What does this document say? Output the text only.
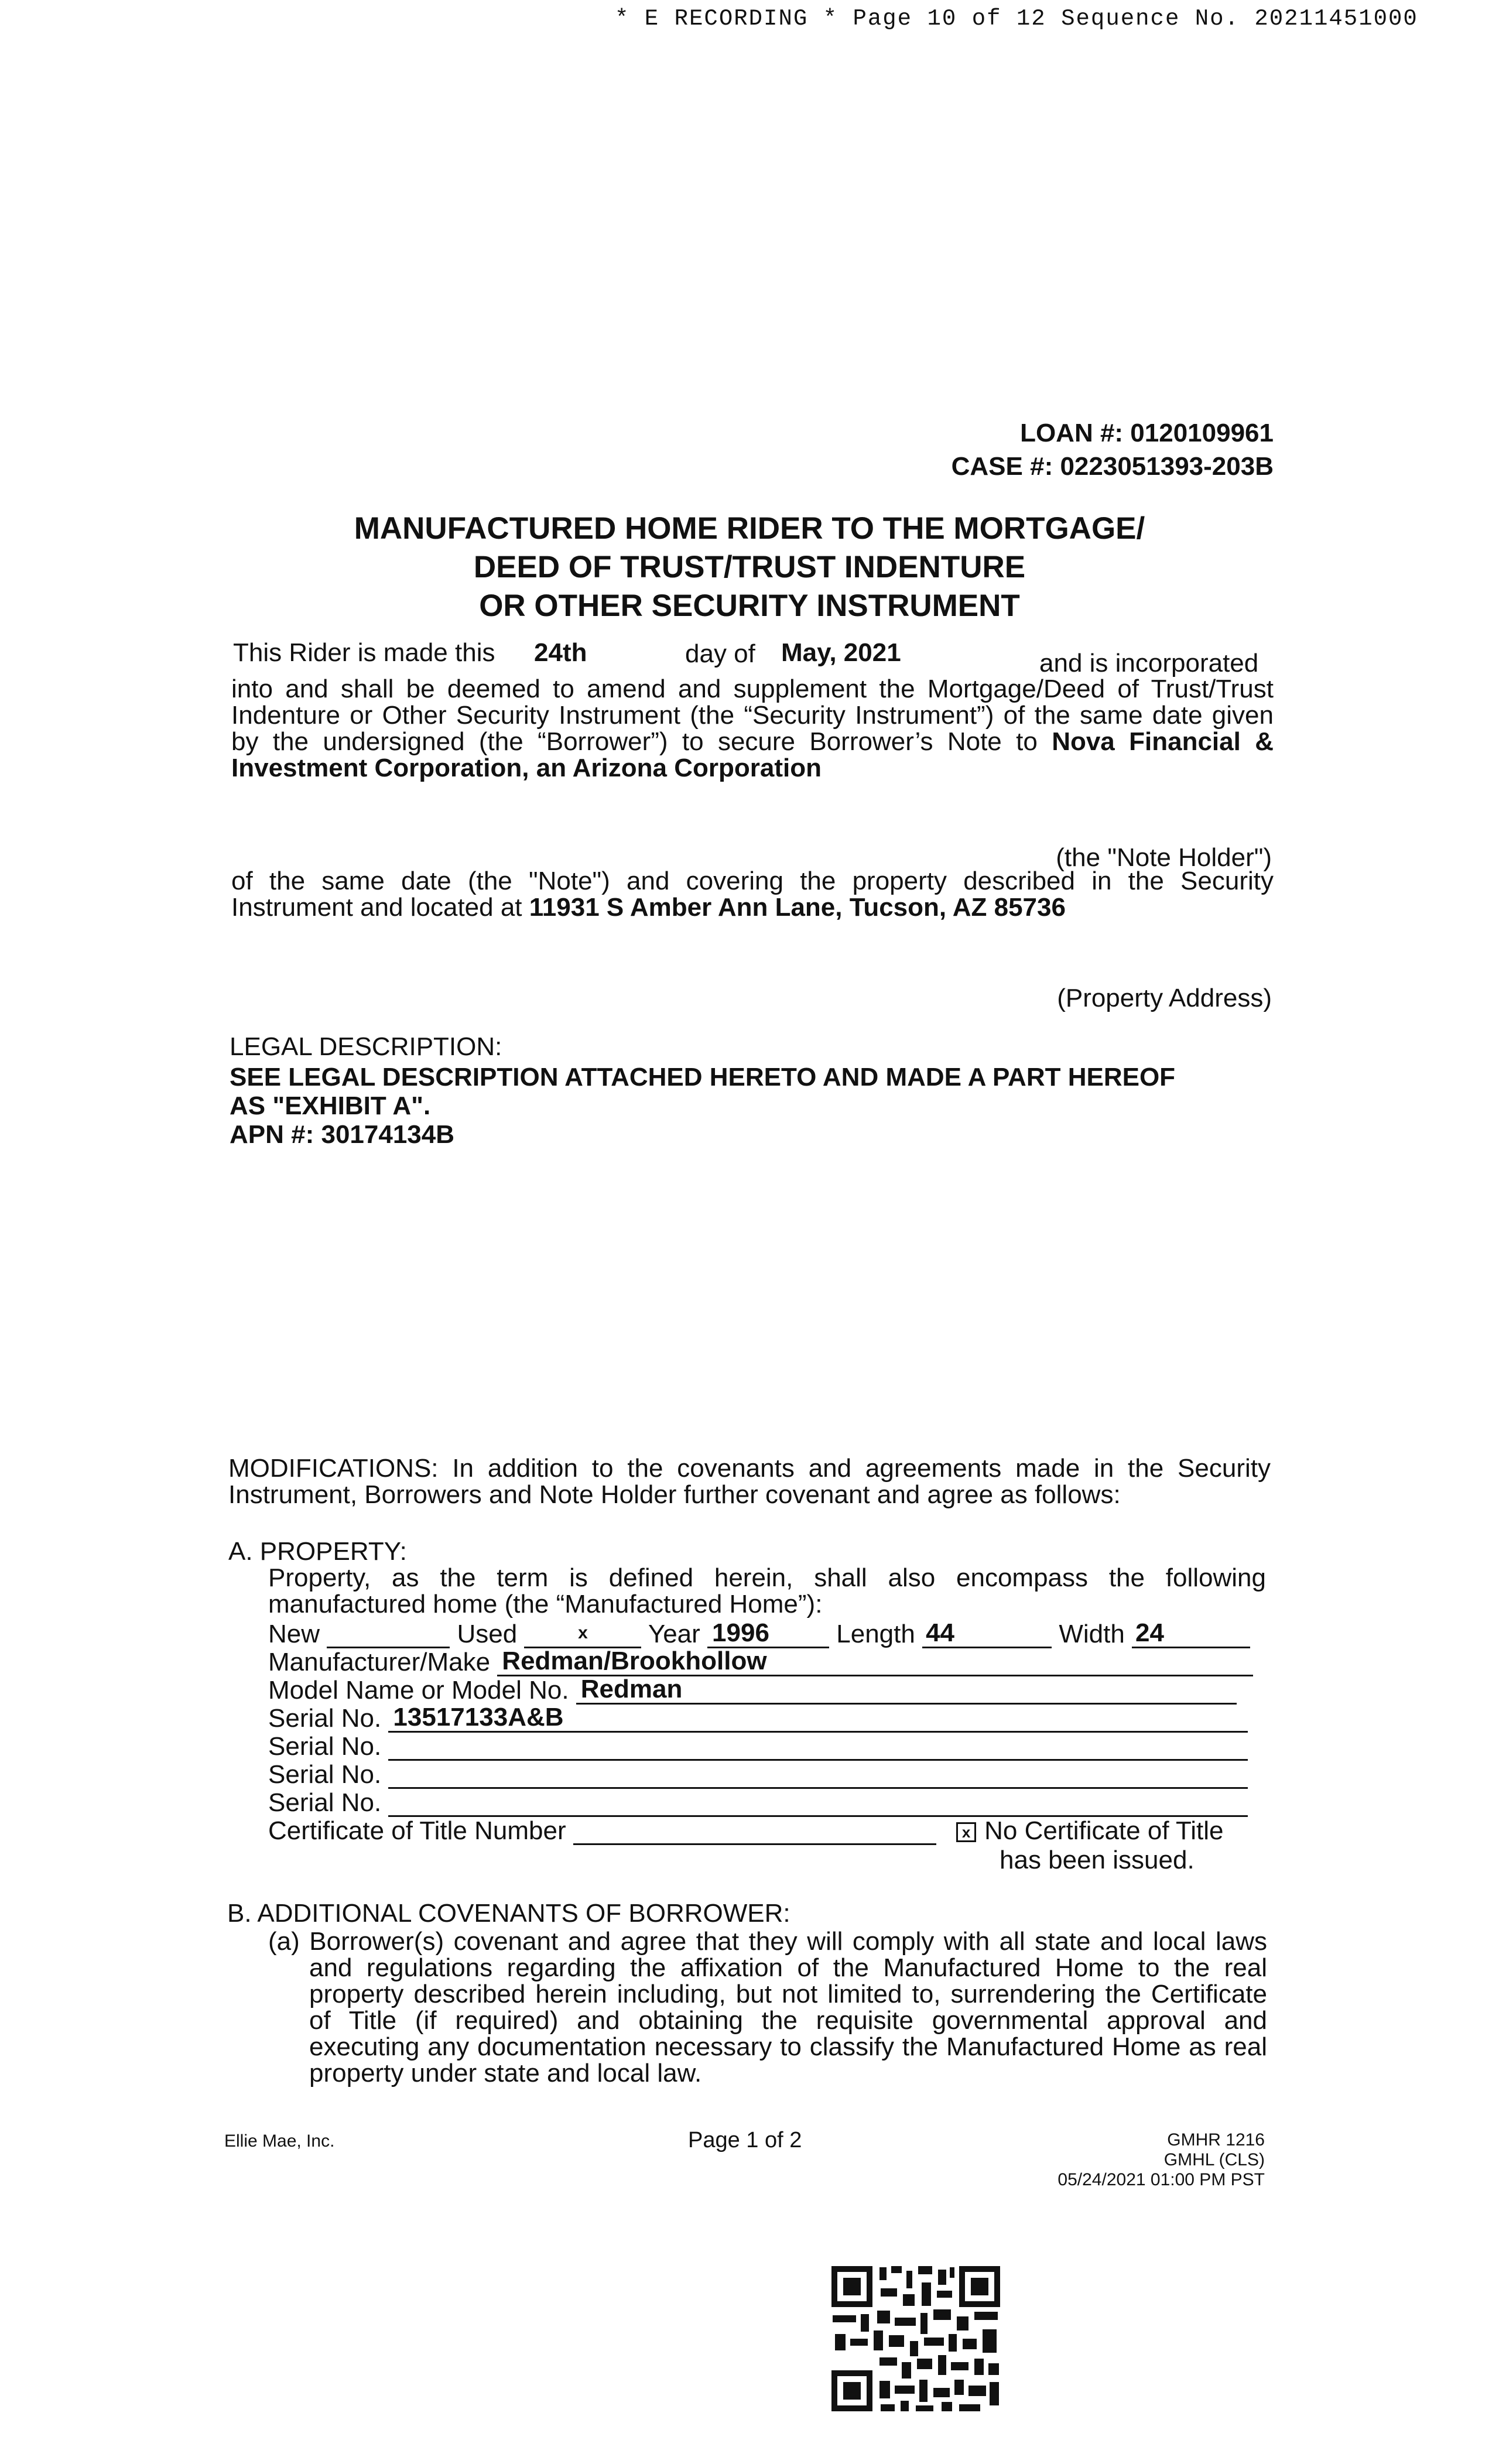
* E RECORDING * Page 10 of 12 Sequence No. 20211451000
LOAN #: 0120109961
CASE #: 0223051393-203B
MANUFACTURED HOME RIDER TO THE MORTGAGE/
DEED OF TRUST/TRUST INDENTURE
OR OTHER SECURITY INSTRUMENT
This Rider is made this 24th	day of May, 2021	and is incorporated
into and shall be deemed to amend and supplement the Mortgage/Deed of Trust/Trust Indenture or Other Security Instrument (the “Security Instrument”) of the same date given by the undersigned (the “Borrower”) to secure Borrower’s Note to Nova Financial & Investment Corporation, an Arizona Corporation
(the "Note Holder")
of the same date (the "Note") and covering the property described in the Security Instrument and located at 11931 S Amber Ann Lane, Tucson, AZ 85736
(Property Address)
LEGAL DESCRIPTION:
SEE LEGAL DESCRIPTION ATTACHED HERETO AND MADE A PART HEREOF
AS "EXHIBIT A".
APN #: 30174134B
MODIFICATIONS: In addition to the covenants and agreements made in the Security Instrument, Borrowers and Note Holder further covenant and agree as follows:
A. PROPERTY:
Property, as the term is defined herein, shall also encompass the following manufactured home (the “Manufactured Home”):
New	Used	x Year 1996	Length 44	Width 24
Manufacturer/Make Redman/Brookhollow
Model Name or Model No. Redman
Serial No. 13517133A&B
Serial No.
Serial No.
Serial No.
Certificate of Title Number	x No Certificate of Title
has been issued.
B. ADDITIONAL COVENANTS OF BORROWER:
(a) Borrower(s) covenant and agree that they will comply with all state and local laws and regulations regarding the affixation of the Manufactured Home to the real property described herein including, but not limited to, surrendering the Certificate of Title (if required) and obtaining the requisite governmental approval and executing any documentation necessary to classify the Manufactured Home as real property under state and local law.
Ellie Mae, Inc.	Page 1 of 2	GMHR 1216
GMHL (CLS)
05/24/2021 01:00 PM PST
